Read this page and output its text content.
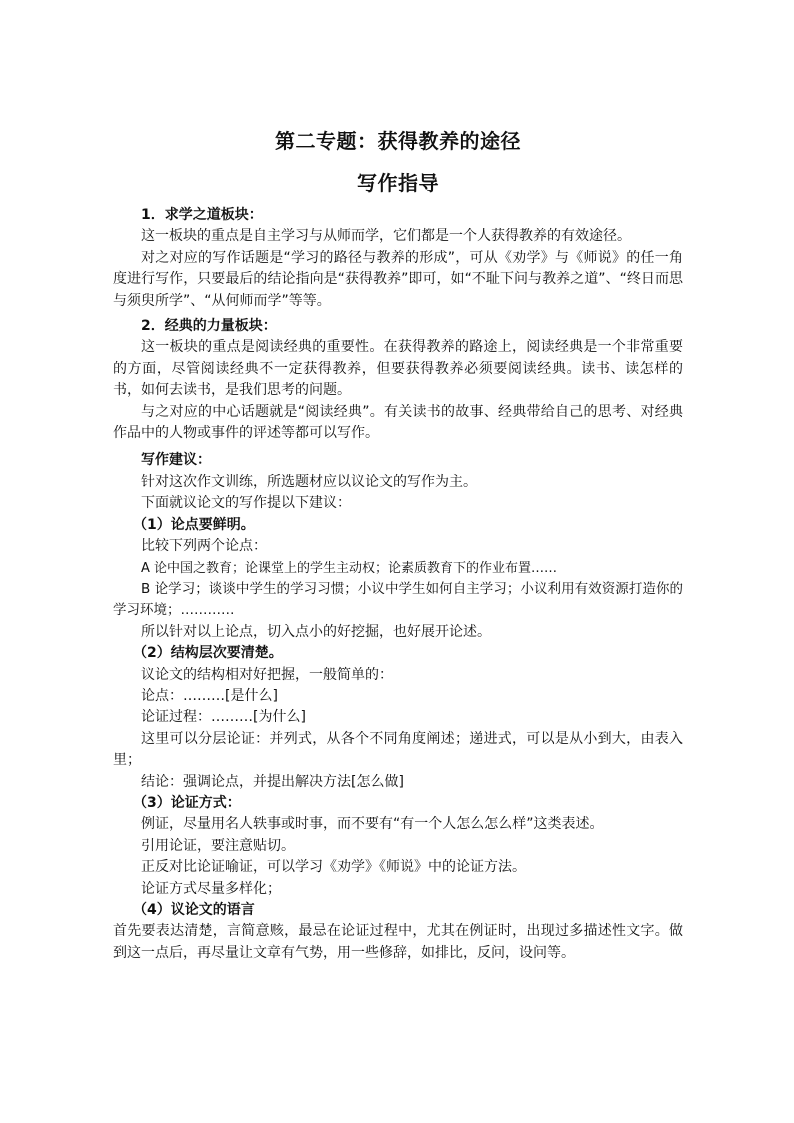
第二专题：获得教养的途径
写作指导
1．求学之道板块：

这一板块的重点是自主学习与从师而学，它们都是一个人获得教养的有效途径。

对之对应的写作话题是“学习的路径与教养的形成”，可从《劝学》与《师说》的任一角度进行写作，只要最后的结论指向是“获得教养”即可，如“不耻下问与教养之道”、“终日而思与须臾所学”、“从何师而学”等等。

2．经典的力量板块：

这一板块的重点是阅读经典的重要性。在获得教养的路途上，阅读经典是一个非常重要的方面，尽管阅读经典不一定获得教养，但要获得教养必须要阅读经典。读书、读怎样的书，如何去读书，是我们思考的问题。

与之对应的中心话题就是“阅读经典”。有关读书的故事、经典带给自己的思考、对经典作品中的人物或事件的评述等都可以写作。

写作建议：

针对这次作文训练，所选题材应以议论文的写作为主。

下面就议论文的写作提以下建议：

（1）论点要鲜明。

比较下列两个论点：

A 论中国之教育；论课堂上的学生主动权；论素质教育下的作业布置……

B 论学习；谈谈中学生的学习习惯；小议中学生如何自主学习；小议利用有效资源打造你的学习环境；…………

所以针对以上论点，切入点小的好挖掘，也好展开论述。

（2）结构层次要清楚。

议论文的结构相对好把握，一般简单的：

论点：………[是什么]

论证过程：………[为什么]

这里可以分层论证：并列式，从各个不同角度阐述；递进式，可以是从小到大，由表入里；

结论：强调论点，并提出解决方法[怎么做]

（3）论证方式：

例证，尽量用名人轶事或时事，而不要有“有一个人怎么怎么样”这类表述。

引用论证，要注意贴切。

正反对比论证喻证，可以学习《劝学》《师说》中的论证方法。

论证方式尽量多样化；

（4）议论文的语言

首先要表达清楚，言简意赅，最忌在论证过程中，尤其在例证时，出现过多描述性文字。做到这一点后，再尽量让文章有气势，用一些修辞，如排比，反问，设问等。
